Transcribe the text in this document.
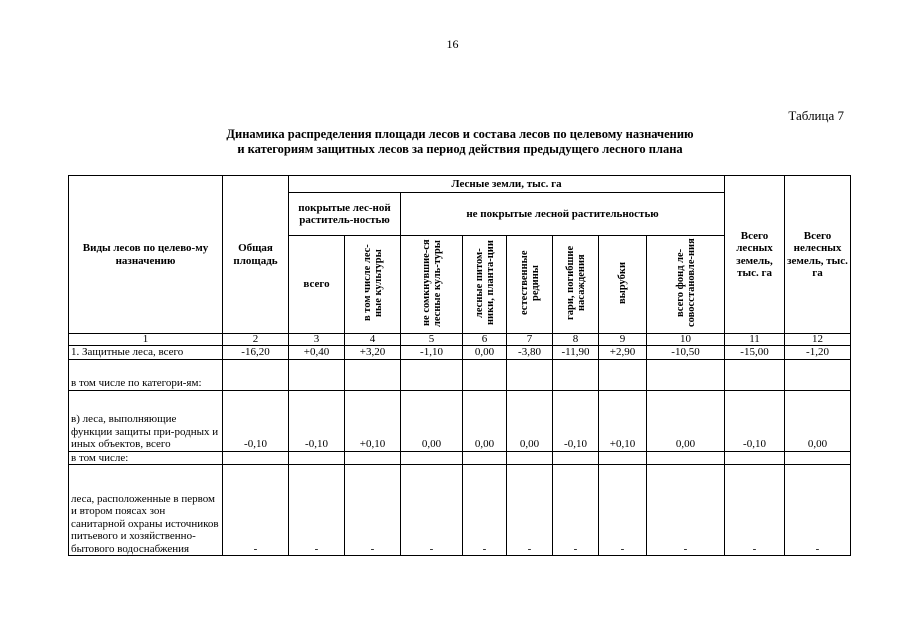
16
Таблица 7
Динамика распределения площади лесов и состава лесов по целевому назначению
и категориям защитных лесов за период действия предыдущего лесного плана
Виды лесов по целево-му назначению	Общая площадь	Лесные земли, тыс. га								Всего лесных земель, тыс. га	Всего нелесных земель, тыс. га
		покрытые лес-ной раститель-ностью		не покрытые лесной растительностью							
		всего	в том числе лес-ные культуры	не сомкнувшие-ся лесные куль-туры	лесные питом-ники, планта-ции	естественные редины	гари, погибшие насаждения	вырубки	всего фонд ле-совосстановле-ния		
1	2	3	4	5	6	7	8	9	10	11	12
1. Защитные леса, всего	-16,20	+0,40	+3,20	-1,10	0,00	-3,80	-11,90	+2,90	-10,50	-15,00	-1,20
в том числе по категори-ям:											
в) леса, выполняющие функции защиты при-родных и иных объектов, всего	-0,10	-0,10	+0,10	0,00	0,00	0,00	-0,10	+0,10	0,00	-0,10	0,00
в том числе:											
леса, расположенные в первом и втором поясах зон санитарной охраны источников питьевого и хозяйственно-бытового водоснабжения	-	-	-	-	-	-	-	-	-	-	-
